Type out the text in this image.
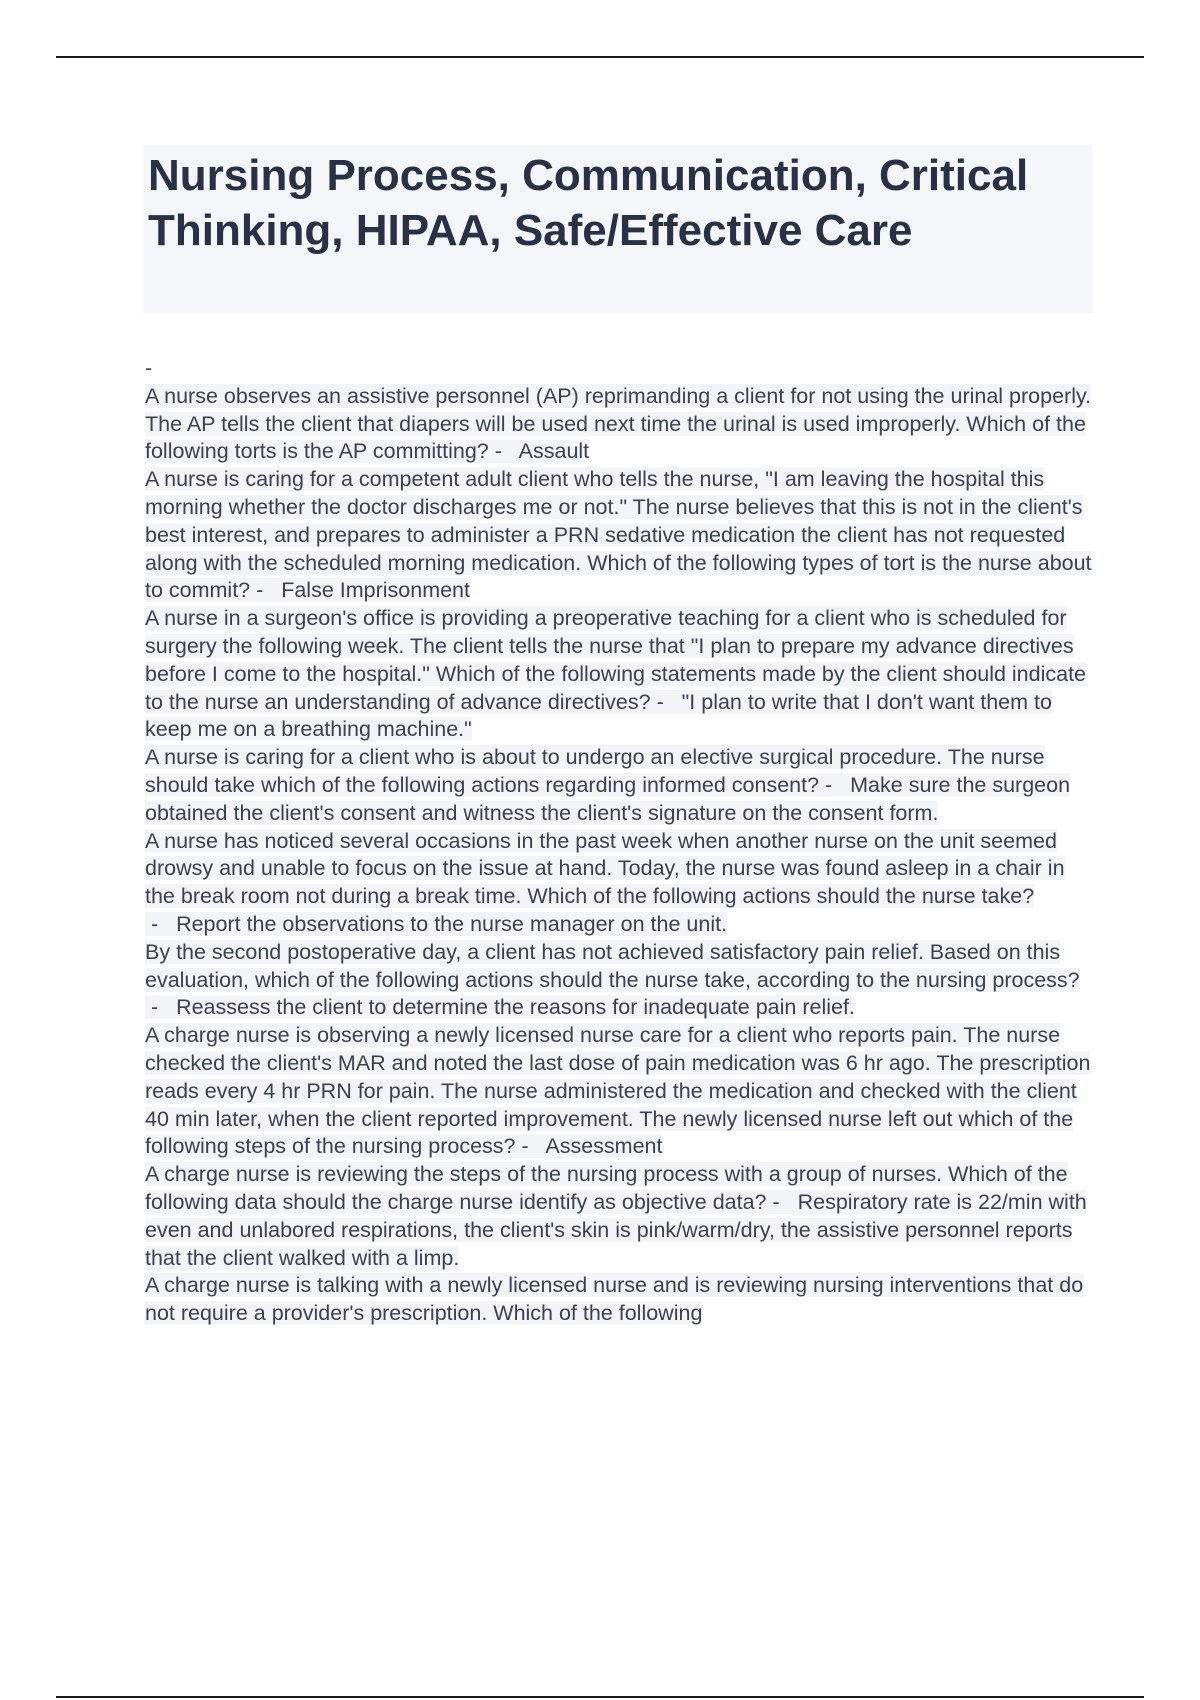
Nursing Process, Communication, Critical Thinking, HIPAA, Safe/Effective Care
-
A nurse observes an assistive personnel (AP) reprimanding a client for not using the urinal properly. The AP tells the client that diapers will be used next time the urinal is used improperly. Which of the following torts is the AP committing? -   Assault
A nurse is caring for a competent adult client who tells the nurse, "I am leaving the hospital this morning whether the doctor discharges me or not." The nurse believes that this is not in the client's best interest, and prepares to administer a PRN sedative medication the client has not requested along with the scheduled morning medication. Which of the following types of tort is the nurse about to commit? -   False Imprisonment
A nurse in a surgeon's office is providing a preoperative teaching for a client who is scheduled for surgery the following week. The client tells the nurse that "I plan to prepare my advance directives before I come to the hospital." Which of the following statements made by the client should indicate to the nurse an understanding of advance directives? -   "I plan to write that I don't want them to keep me on a breathing machine."
A nurse is caring for a client who is about to undergo an elective surgical procedure. The nurse should take which of the following actions regarding informed consent? -   Make sure the surgeon obtained the client's consent and witness the client's signature on the consent form.
A nurse has noticed several occasions in the past week when another nurse on the unit seemed drowsy and unable to focus on the issue at hand. Today, the nurse was found asleep in a chair in the break room not during a break time. Which of the following actions should the nurse take? -   Report the observations to the nurse manager on the unit.
By the second postoperative day, a client has not achieved satisfactory pain relief. Based on this evaluation, which of the following actions should the nurse take, according to the nursing process? -   Reassess the client to determine the reasons for inadequate pain relief.
A charge nurse is observing a newly licensed nurse care for a client who reports pain. The nurse checked the client's MAR and noted the last dose of pain medication was 6 hr ago. The prescription reads every 4 hr PRN for pain. The nurse administered the medication and checked with the client 40 min later, when the client reported improvement. The newly licensed nurse left out which of the following steps of the nursing process? -   Assessment
A charge nurse is reviewing the steps of the nursing process with a group of nurses. Which of the following data should the charge nurse identify as objective data? -   Respiratory rate is 22/min with even and unlabored respirations, the client's skin is pink/warm/dry, the assistive personnel reports that the client walked with a limp.
A charge nurse is talking with a newly licensed nurse and is reviewing nursing interventions that do not require a provider's prescription. Which of the following
